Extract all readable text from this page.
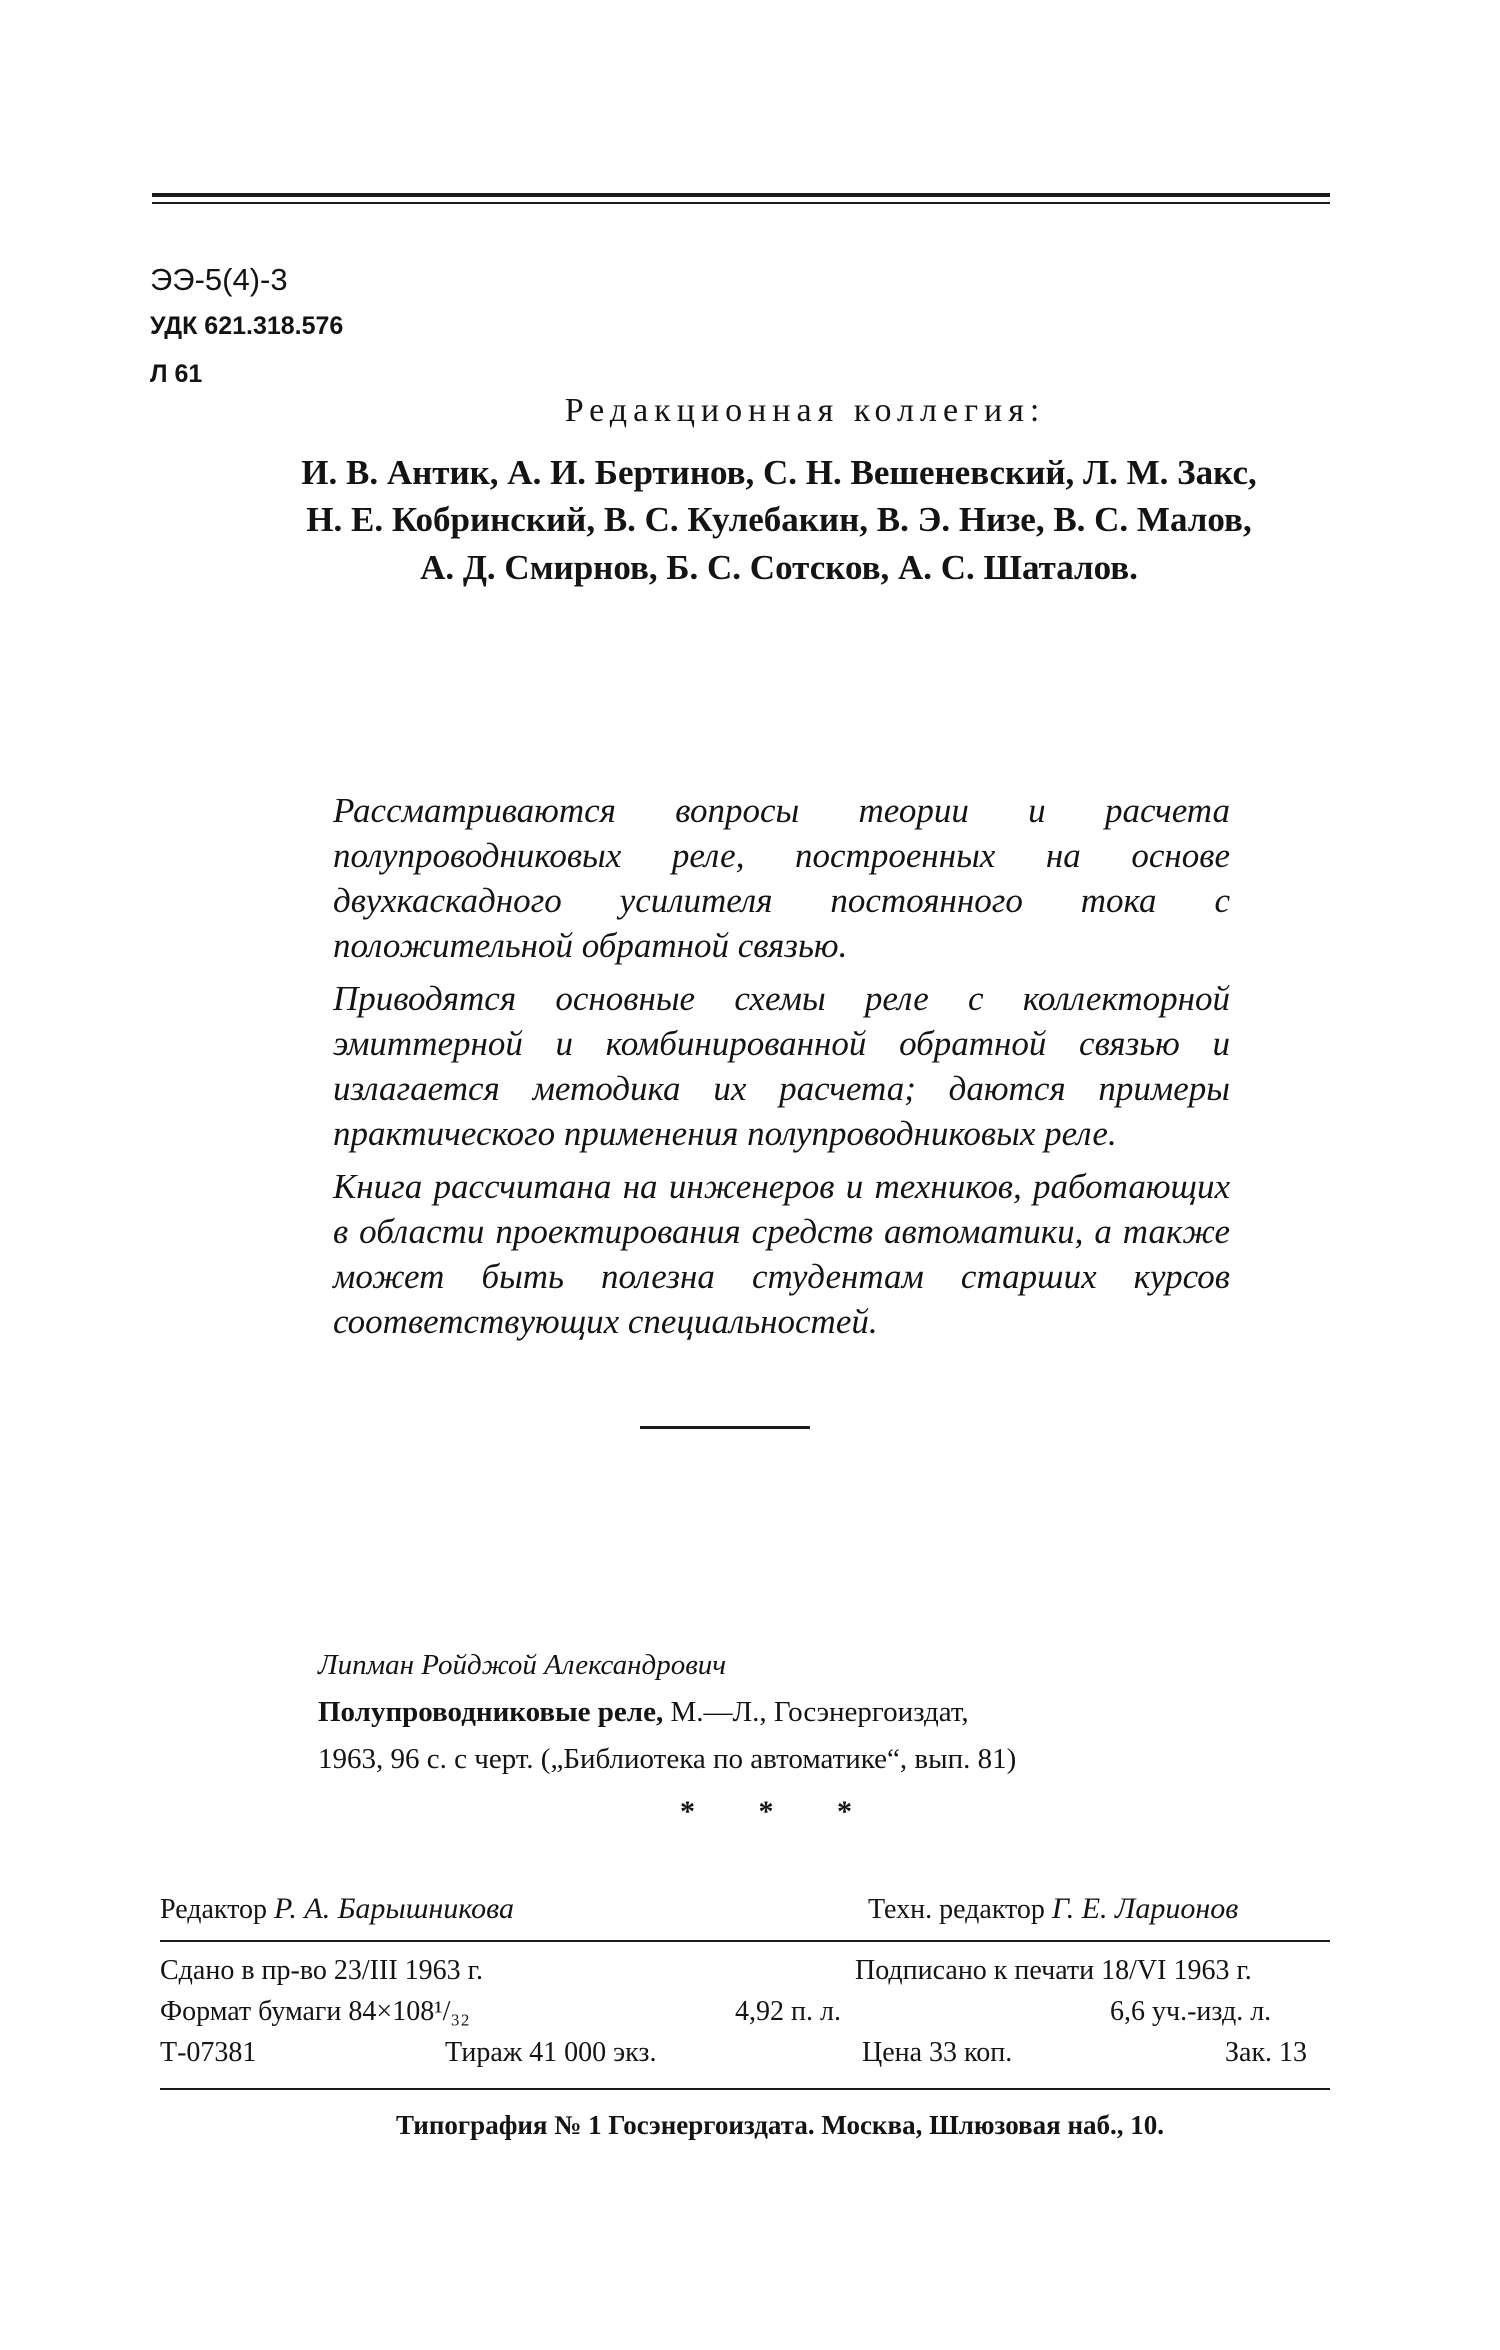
ЭЭ-5(4)-3
УДК 621.318.576
Л 61
Редакционная коллегия:
И. В. Антик, А. И. Бертинов, С. Н. Вешеневский, Л. М. Закс,
Н. Е. Кобринский, В. С. Кулебакин, В. Э. Низе, В. С. Малов,
А. Д. Смирнов, Б. С. Сотсков, А. С. Шаталов.

Рассматриваются вопросы теории и расчета полупроводниковых реле, построенных на основе двухкаскадного усилителя постоянного тока с положительной обратной связью.

Приводятся основные схемы реле с коллекторной эмиттерной и комбинированной обратной связью и излагается методика их расчета; даются примеры практического применения полупроводниковых реле.

Книга рассчитана на инженеров и техников, работающих в области проектирования средств автоматики, а также может быть полезна студентам старших курсов соответствующих специальностей.

Липман Ройджой Александрович
Полупроводниковые реле, М.—Л., Госэнергоиздат,
1963, 96 с. с черт. („Библиотека по автоматике“, вып. 81)
* * *
Редактор Р. А. Барышникова	Техн. редактор Г. Е. Ларионов
Сдано в пр-во 23/III 1963 г.	Подписано к печати 18/VI 1963 г.
Формат бумаги 84×108¹/₃₂	4,92 п. л.	6,6 уч.-изд. л.
Т-07381	Тираж 41 000 экз.	Цена 33 коп.	Зак. 13
Типография № 1 Госэнергоиздата. Москва, Шлюзовая наб., 10.
